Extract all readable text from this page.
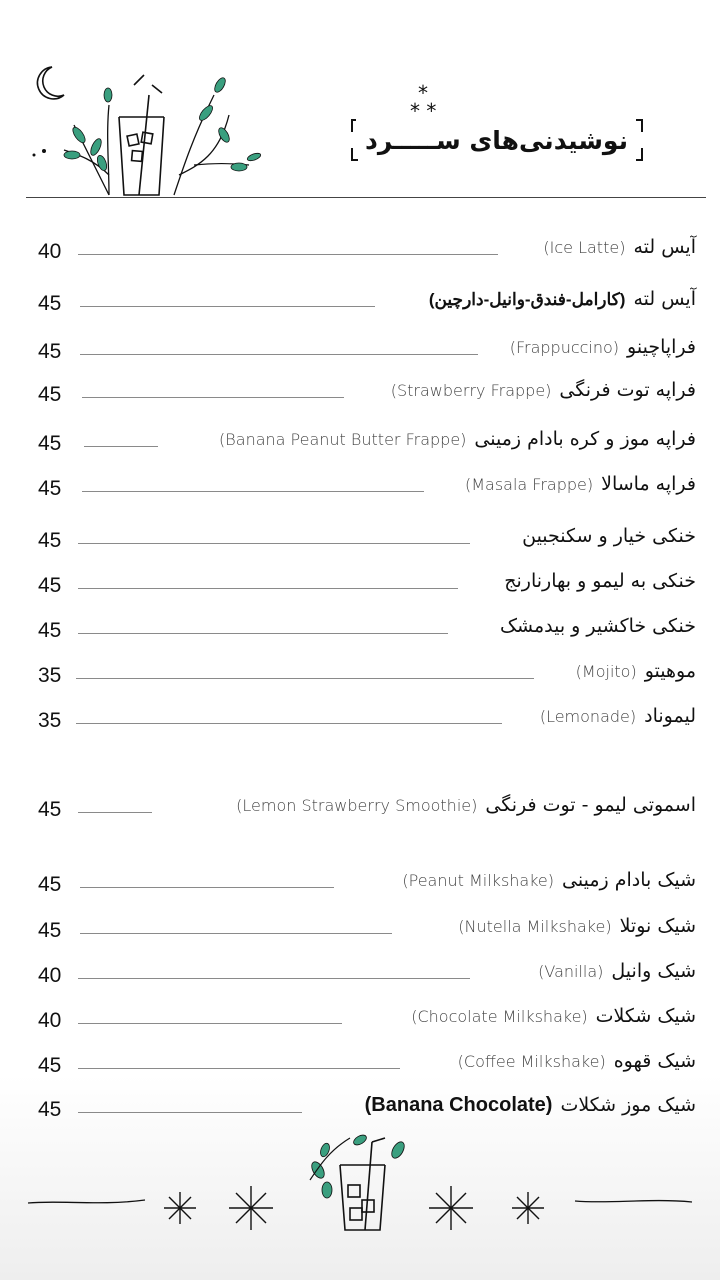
*
* *
نوشیدنی‌های ســـــرد
40	آیس لته(Ice Latte)
45	آیس لته(کارامل-فندق-وانیل-دارچین)
45	فراپاچینو(Frappuccino)
45	فراپه توت فرنگی(Strawberry Frappe)
45	فراپه موز و کره بادام زمینی(Banana Peanut Butter Frappe)
45	فراپه ماسالا(Masala Frappe)
45	خنکی خیار و سکنجبین
45	خنکی به لیمو و بهارنارنج
45	خنکی خاکشیر و بیدمشک
35	موهیتو(Mojito)
35	لیموناد(Lemonade)
45	اسموتی لیمو - توت فرنگی(Lemon Strawberry Smoothie)
45	شیک بادام زمینی(Peanut Milkshake)
45	شیک نوتلا(Nutella Milkshake)
40	شیک وانیل(Vanilla)
40	شیک شکلات(Chocolate Milkshake)
45	شیک قهوه(Coffee Milkshake)
45	شیک موز شکلات(Banana Chocolate)
